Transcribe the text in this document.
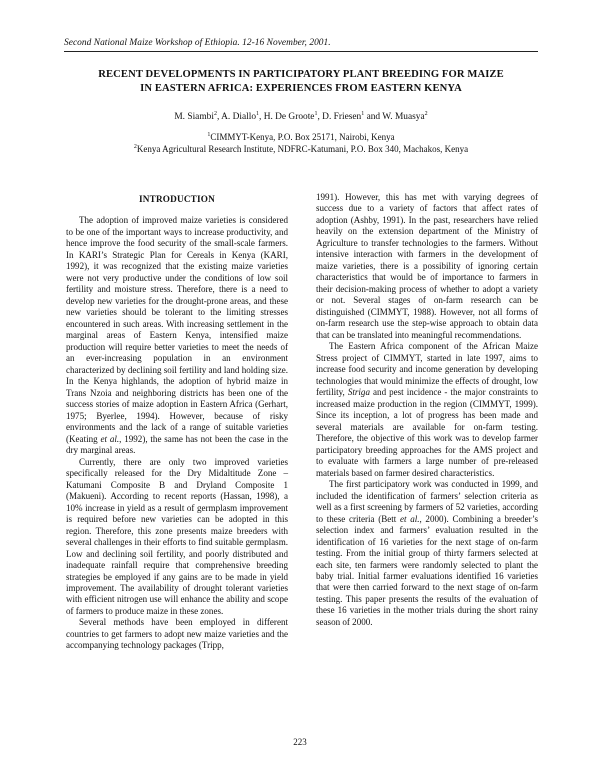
Second National Maize Workshop of Ethiopia. 12-16 November, 2001.
RECENT DEVELOPMENTS IN PARTICIPATORY PLANT BREEDING FOR MAIZE
IN EASTERN AFRICA: EXPERIENCES FROM EASTERN KENYA
M. Siambi$^2$, A. Diallo$^1$, H. De Groote$^1$, D. Friesen$^1$ and W. Muasya$^2$
$^1$CIMMYT-Kenya, P.O. Box 25171, Nairobi, Kenya
$^2$Kenya Agricultural Research Institute, NDFRC-Katumani, P.O. Box 340, Machakos, Kenya
INTRODUCTION

The adoption of improved maize varieties is considered to be one of the important ways to increase productivity, and hence improve the food security of the small-scale farmers. In KARI’s Strategic Plan for Cereals in Kenya (KARI, 1992), it was recognized that the existing maize varieties were not very productive under the conditions of low soil fertility and moisture stress. Therefore, there is a need to develop new varieties for the drought-prone areas, and these new varieties should be tolerant to the limiting stresses encountered in such areas. With increasing settlement in the marginal areas of Eastern Kenya, intensified maize production will require better varieties to meet the needs of an ever-increasing population in an environment characterized by declining soil fertility and land holding size. In the Kenya highlands, the adoption of hybrid maize in Trans Nzoia and neighboring districts has been one of the success stories of maize adoption in Eastern Africa (Gerhart, 1975; Byerlee, 1994). However, because of risky environments and the lack of a range of suitable varieties (Keating et al., 1992), the same has not been the case in the dry marginal areas.

Currently, there are only two improved varieties specifically released for the Dry Midaltitude Zone – Katumani Composite B and Dryland Composite 1 (Makueni). According to recent reports (Hassan, 1998), a 10% increase in yield as a result of germplasm improvement is required before new varieties can be adopted in this region. Therefore, this zone presents maize breeders with several challenges in their efforts to find suitable germplasm. Low and declining soil fertility, and poorly distributed and inadequate rainfall require that comprehensive breeding strategies be employed if any gains are to be made in yield improvement. The availability of drought tolerant varieties with efficient nitrogen use will enhance the ability and scope of farmers to produce maize in these zones.

Several methods have been employed in different countries to get farmers to adopt new maize varieties and the accompanying technology packages (Tripp,

1991). However, this has met with varying degrees of success due to a variety of factors that affect rates of adoption (Ashby, 1991). In the past, researchers have relied heavily on the extension department of the Ministry of Agriculture to transfer technologies to the farmers. Without intensive interaction with farmers in the development of maize varieties, there is a possibility of ignoring certain characteristics that would be of importance to farmers in their decision-making process of whether to adopt a variety or not. Several stages of on-farm research can be distinguished (CIMMYT, 1988). However, not all forms of on-farm research use the step-wise approach to obtain data that can be translated into meaningful recommendations.

The Eastern Africa component of the African Maize Stress project of CIMMYT, started in late 1997, aims to increase food security and income generation by developing technologies that would minimize the effects of drought, low fertility, Striga and pest incidence - the major constraints to increased maize production in the region (CIMMYT, 1999). Since its inception, a lot of progress has been made and several materials are available for on-farm testing. Therefore, the objective of this work was to develop farmer participatory breeding approaches for the AMS project and to evaluate with farmers a large number of pre-released materials based on farmer desired characteristics.

The first participatory work was conducted in 1999, and included the identification of farmers’ selection criteria as well as a first screening by farmers of 52 varieties, according to these criteria (Bett et al., 2000). Combining a breeder’s selection index and farmers’ evaluation resulted in the identification of 16 varieties for the next stage of on-farm testing. From the initial group of thirty farmers selected at each site, ten farmers were randomly selected to plant the baby trial. Initial farmer evaluations identified 16 varieties that were then carried forward to the next stage of on-farm testing. This paper presents the results of the evaluation of these 16 varieties in the mother trials during the short rainy season of 2000.

223
